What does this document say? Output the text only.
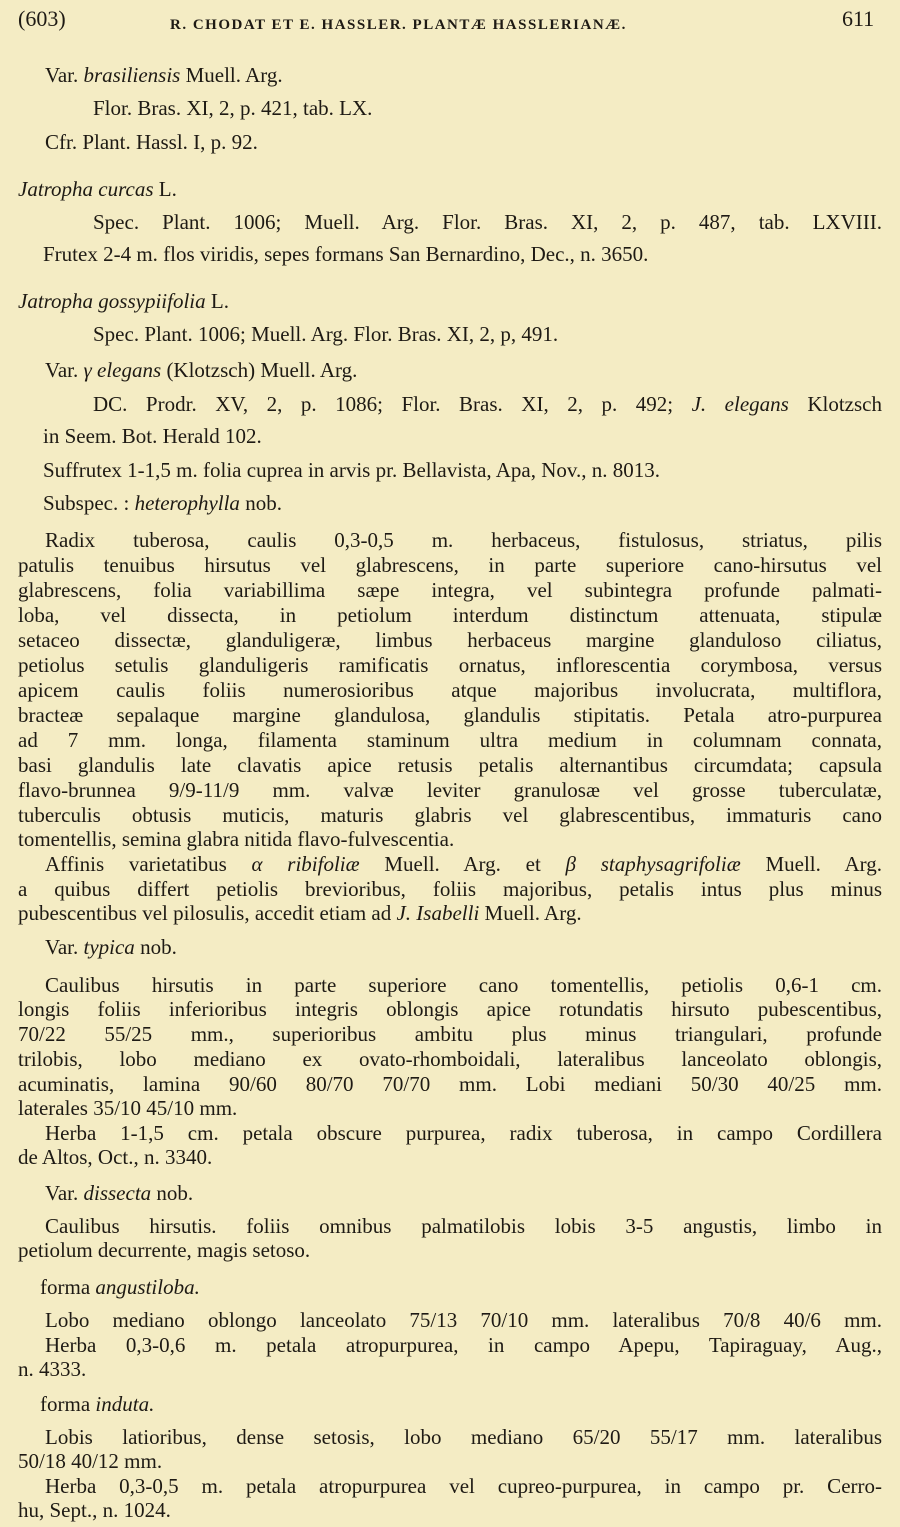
(603)	R. CHODAT ET E. HASSLER. PLANTÆ HASSLERIANÆ.	611
Var. brasiliensis Muell. Arg.
Flor. Bras. XI, 2, p. 421, tab. LX.
Cfr. Plant. Hassl. I, p. 92.
Jatropha curcas L.
Spec. Plant. 1006; Muell. Arg. Flor. Bras. XI, 2, p. 487, tab. LXVIII.
Frutex 2-4 m. flos viridis, sepes formans San Bernardino, Dec., n. 3650.
Jatropha gossypiifolia L.
Spec. Plant. 1006; Muell. Arg. Flor. Bras. XI, 2, p, 491.
Var. γ elegans (Klotzsch) Muell. Arg.
DC. Prodr. XV, 2, p. 1086; Flor. Bras. XI, 2, p. 492; J. elegans Klotzsch
in Seem. Bot. Herald 102.
Suffrutex 1-1,5 m. folia cuprea in arvis pr. Bellavista, Apa, Nov., n. 8013.
Subspec. : heterophylla nob.
Radix tuberosa, caulis 0,3-0,5 m. herbaceus, fistulosus, striatus, pilis
patulis tenuibus hirsutus vel glabrescens, in parte superiore cano-hirsutus vel
glabrescens, folia variabillima sæpe integra, vel subintegra profunde palmati-
loba, vel dissecta, in petiolum interdum distinctum attenuata, stipulæ
setaceo dissectæ, glanduligeræ, limbus herbaceus margine glanduloso ciliatus,
petiolus setulis glanduligeris ramificatis ornatus, inflorescentia corymbosa, versus
apicem caulis foliis numerosioribus atque majoribus involucrata, multiflora,
bracteæ sepalaque margine glandulosa, glandulis stipitatis. Petala atro-purpurea
ad 7 mm. longa, filamenta staminum ultra medium in columnam connata,
basi glandulis late clavatis apice retusis petalis alternantibus circumdata; capsula
flavo-brunnea 9/9-11/9 mm. valvæ leviter granulosæ vel grosse tuberculatæ,
tuberculis obtusis muticis, maturis glabris vel glabrescentibus, immaturis cano
tomentellis, semina glabra nitida flavo-fulvescentia.
Affinis varietatibus α ribifoliæ Muell. Arg. et β staphysagrifoliæ Muell. Arg.
a quibus differt petiolis brevioribus, foliis majoribus, petalis intus plus minus
pubescentibus vel pilosulis, accedit etiam ad J. Isabelli Muell. Arg.
Var. typica nob.
Caulibus hirsutis in parte superiore cano tomentellis, petiolis 0,6-1 cm.
longis foliis inferioribus integris oblongis apice rotundatis hirsuto pubescentibus,
70/22 55/25 mm., superioribus ambitu plus minus triangulari, profunde
trilobis, lobo mediano ex ovato-rhomboidali, lateralibus lanceolato oblongis,
acuminatis, lamina 90/60 80/70 70/70 mm. Lobi mediani 50/30 40/25 mm.
laterales 35/10 45/10 mm.
Herba 1-1,5 cm. petala obscure purpurea, radix tuberosa, in campo Cordillera
de Altos, Oct., n. 3340.
Var. dissecta nob.
Caulibus hirsutis. foliis omnibus palmatilobis lobis 3-5 angustis, limbo in
petiolum decurrente, magis setoso.
forma angustiloba.
Lobo mediano oblongo lanceolato 75/13 70/10 mm. lateralibus 70/8 40/6 mm.
Herba 0,3-0,6 m. petala atropurpurea, in campo Apepu, Tapiraguay, Aug.,
n. 4333.
forma induta.
Lobis latioribus, dense setosis, lobo mediano 65/20 55/17 mm. lateralibus
50/18 40/12 mm.
Herba 0,3-0,5 m. petala atropurpurea vel cupreo-purpurea, in campo pr. Cerro-
hu, Sept., n. 1024.
